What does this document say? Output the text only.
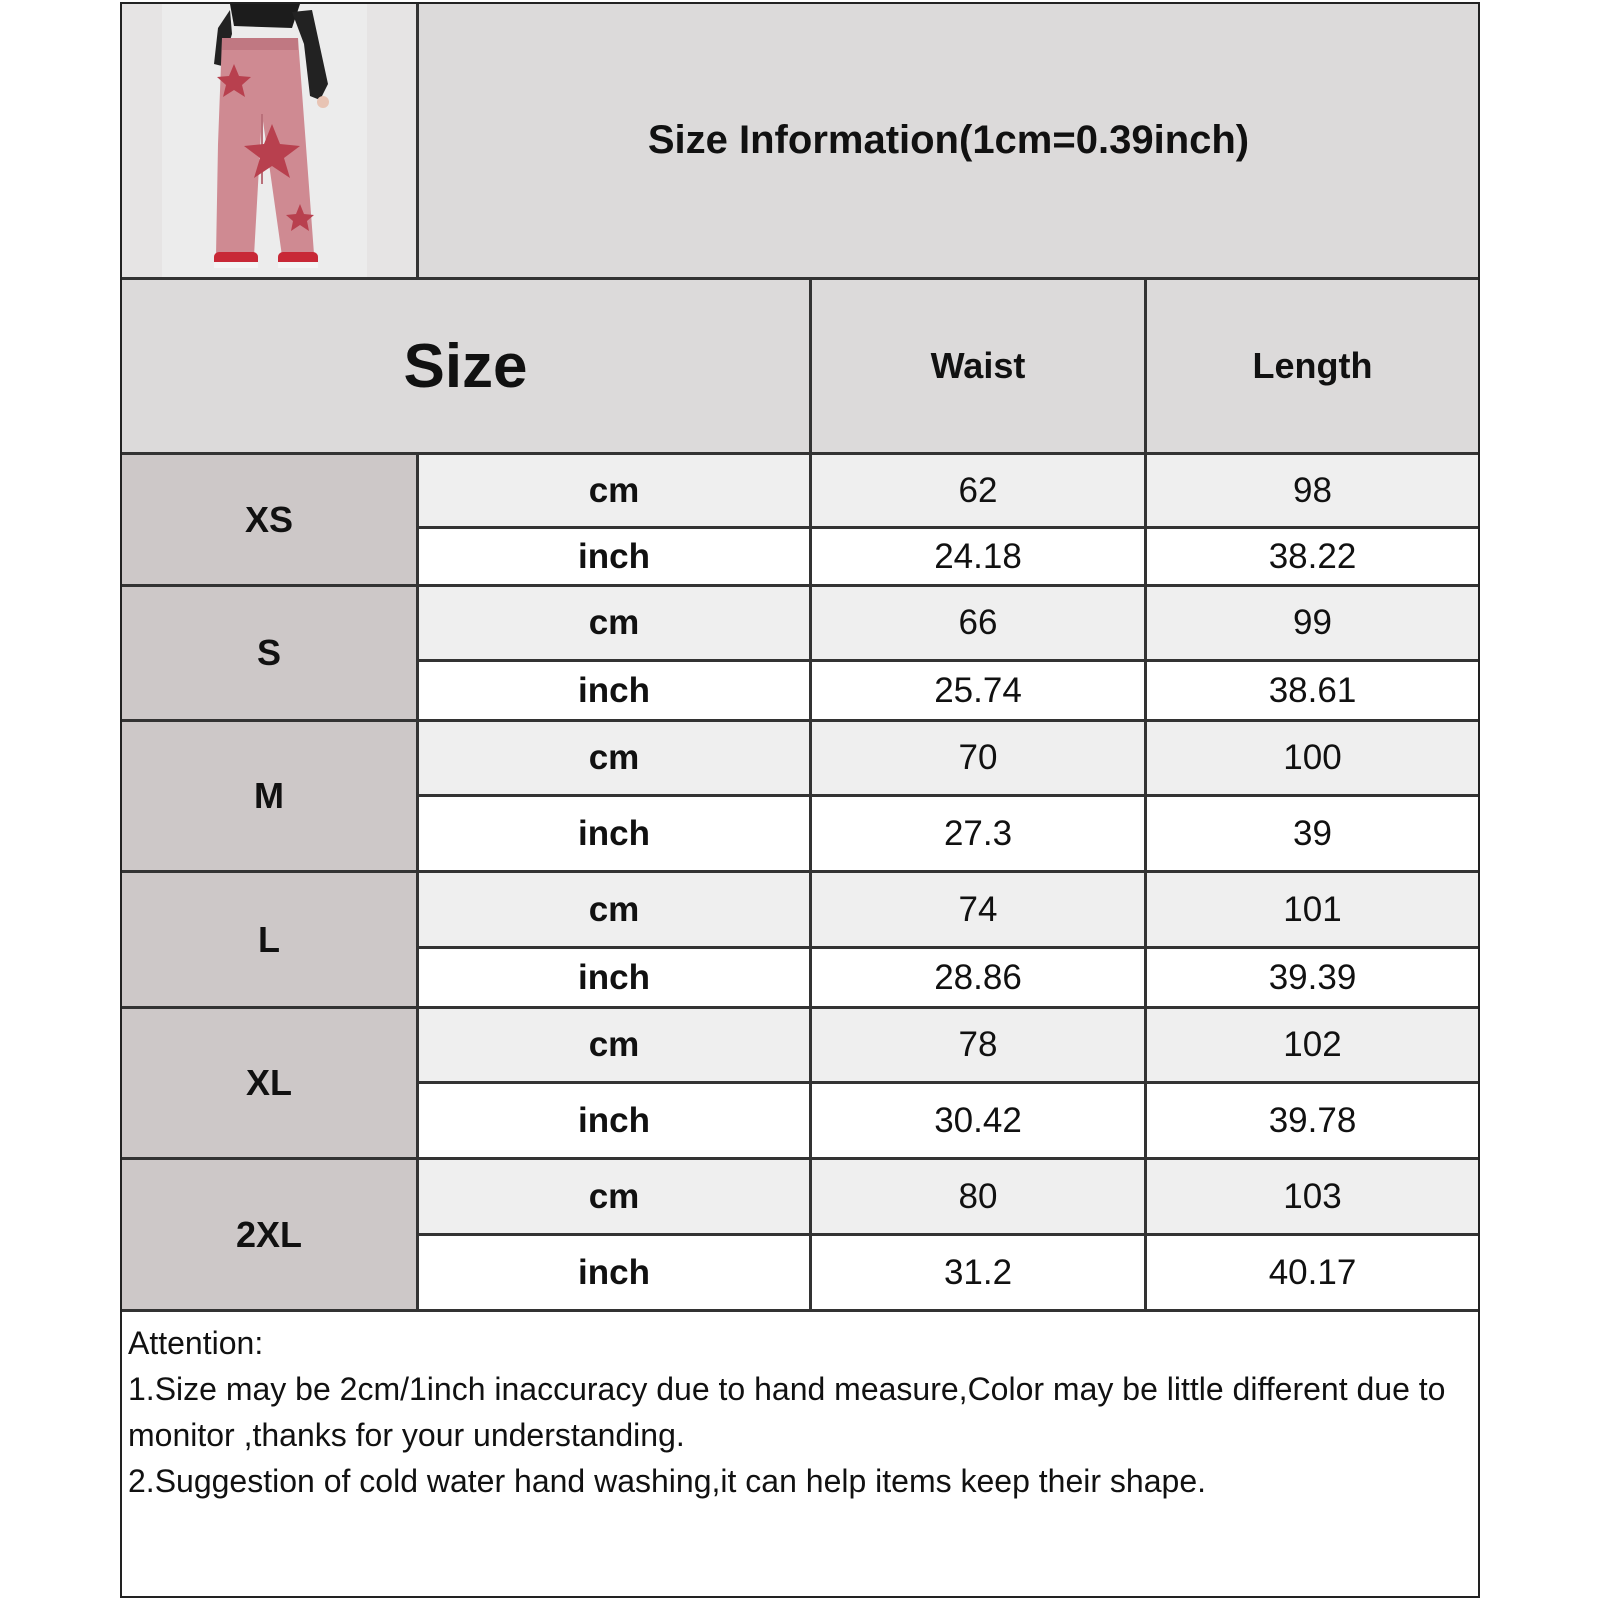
Size Information(1cm=0.39inch)
Size	Waist	Length
XS
cm	62	98
inch	24.18	38.22
S
cm	66	99
inch	25.74	38.61
M
cm	70	100
inch	27.3	39
L
cm	74	101
inch	28.86	39.39
XL
cm	78	102
inch	30.42	39.78
2XL
cm	80	103
inch	31.2	40.17
Attention:
1.Size may be 2cm/1inch inaccuracy due to hand measure,Color may be little different due to monitor ,thanks for your understanding.
2.Suggestion of cold water hand washing,it can help items keep their shape.
